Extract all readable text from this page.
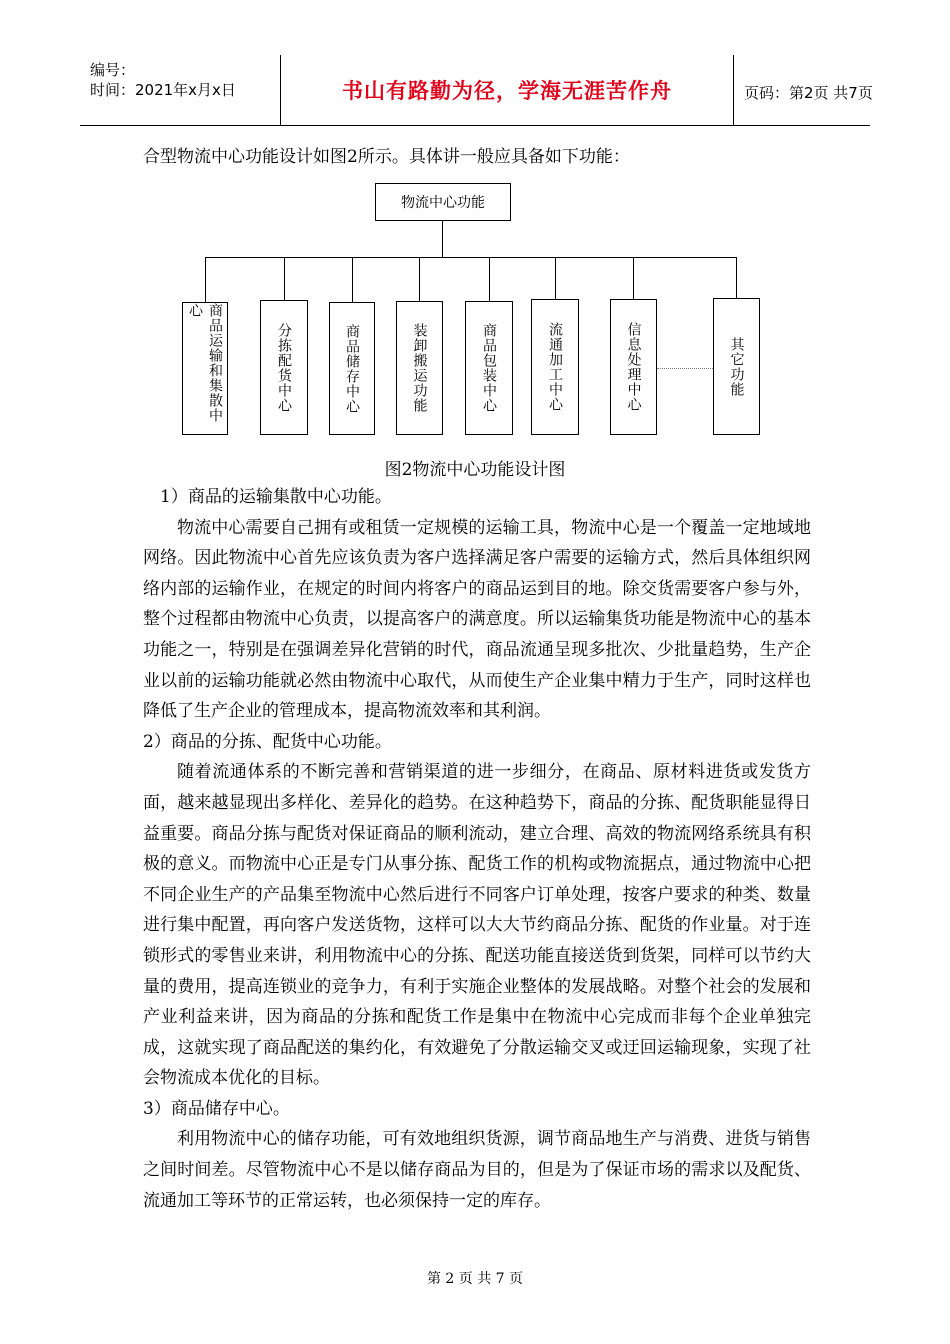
编号：
时间：2021年x月x日	书山有路勤为径，学海无涯苦作舟	页码：第2页 共7页

合型物流中心功能设计如图2所示。具体讲一般应具备如下功能：

物流中心功能
商品运输和集散中心
分拣配货中心	商品储存中心	装卸搬运功能	商品包装中心	流通加工中心	信息处理中心	其它功能
图2物流中心功能设计图

1）商品的运输集散中心功能。

物流中心需要自己拥有或租赁一定规模的运输工具，物流中心是一个覆盖一定地域地网络。因此物流中心首先应该负责为客户选择满足客户需要的运输方式，然后具体组织网络内部的运输作业，在规定的时间内将客户的商品运到目的地。除交货需要客户参与外，整个过程都由物流中心负责，以提高客户的满意度。所以运输集货功能是物流中心的基本功能之一，特别是在强调差异化营销的时代，商品流通呈现多批次、少批量趋势，生产企业以前的运输功能就必然由物流中心取代，从而使生产企业集中精力于生产，同时这样也降低了生产企业的管理成本，提高物流效率和其利润。

2）商品的分拣、配货中心功能。

随着流通体系的不断完善和营销渠道的进一步细分，在商品、原材料进货或发货方面，越来越显现出多样化、差异化的趋势。在这种趋势下，商品的分拣、配货职能显得日益重要。商品分拣与配货对保证商品的顺利流动，建立合理、高效的物流网络系统具有积极的意义。而物流中心正是专门从事分拣、配货工作的机构或物流据点，通过物流中心把不同企业生产的产品集至物流中心然后进行不同客户订单处理，按客户要求的种类、数量进行集中配置，再向客户发送货物，这样可以大大节约商品分拣、配货的作业量。对于连锁形式的零售业来讲，利用物流中心的分拣、配送功能直接送货到货架，同样可以节约大量的费用，提高连锁业的竞争力，有利于实施企业整体的发展战略。对整个社会的发展和产业利益来讲，因为商品的分拣和配货工作是集中在物流中心完成而非每个企业单独完成，这就实现了商品配送的集约化，有效避免了分散运输交叉或迂回运输现象，实现了社会物流成本优化的目标。

3）商品储存中心。

利用物流中心的储存功能，可有效地组织货源，调节商品地生产与消费、进货与销售之间时间差。尽管物流中心不是以储存商品为目的，但是为了保证市场的需求以及配货、流通加工等环节的正常运转，也必须保持一定的库存。

第 2 页 共 7 页
